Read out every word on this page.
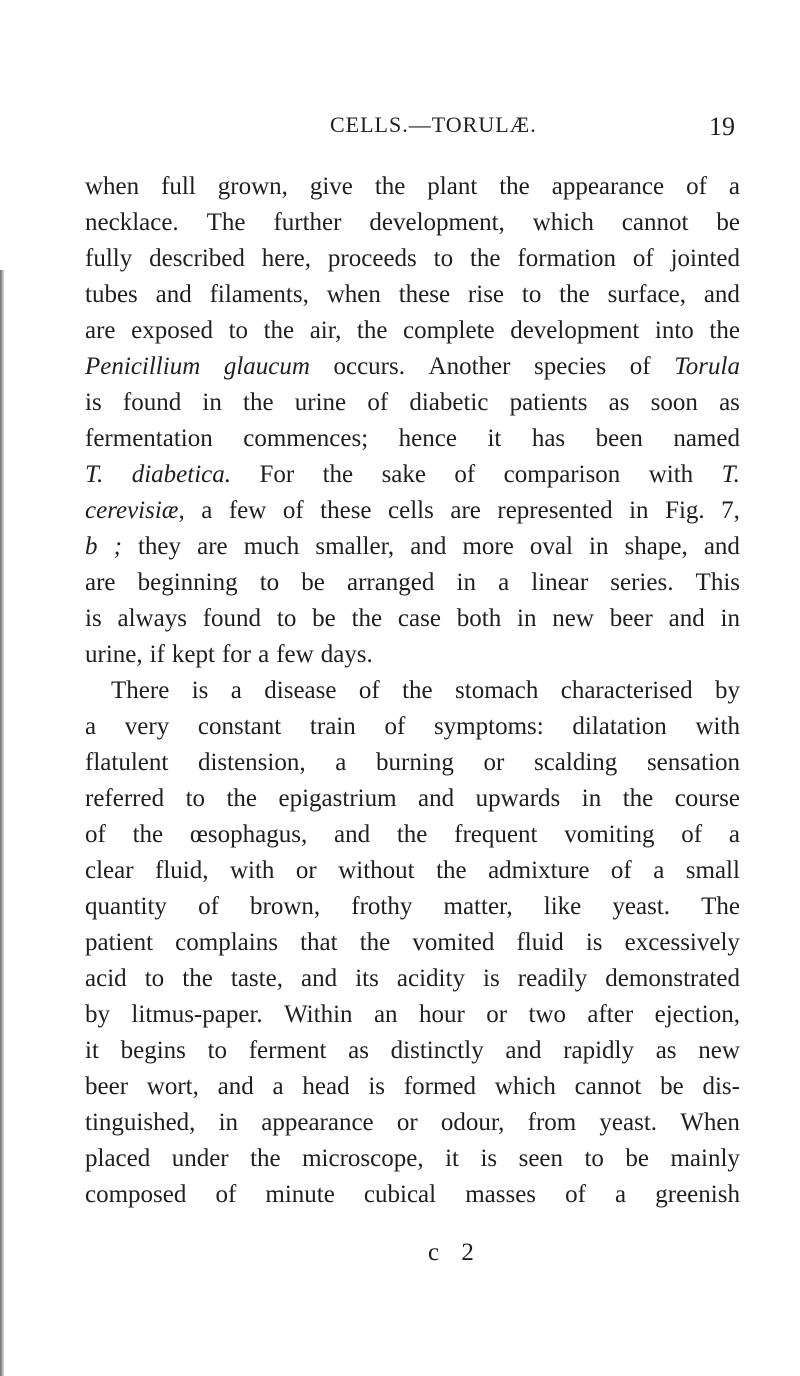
CELLS.—TORULÆ.	19
when full grown, give the plant the appearance of a
necklace. The further development, which cannot be
fully described here, proceeds to the formation of jointed
tubes and filaments, when these rise to the surface, and
are exposed to the air, the complete development into the
Penicillium glaucum occurs. Another species of Torula
is found in the urine of diabetic patients as soon as
fermentation commences; hence it has been named
T. diabetica. For the sake of comparison with T.
cerevisiæ, a few of these cells are represented in Fig. 7,
b ; they are much smaller, and more oval in shape, and
are beginning to be arranged in a linear series. This
is always found to be the case both in new beer and in
urine, if kept for a few days.
There is a disease of the stomach characterised by
a very constant train of symptoms: dilatation with
flatulent distension, a burning or scalding sensation
referred to the epigastrium and upwards in the course
of the œsophagus, and the frequent vomiting of a
clear fluid, with or without the admixture of a small
quantity of brown, frothy matter, like yeast. The
patient complains that the vomited fluid is excessively
acid to the taste, and its acidity is readily demonstrated
by litmus-paper. Within an hour or two after ejection,
it begins to ferment as distinctly and rapidly as new
beer wort, and a head is formed which cannot be dis-
tinguished, in appearance or odour, from yeast. When
placed under the microscope, it is seen to be mainly
composed of minute cubical masses of a greenish
c 2
